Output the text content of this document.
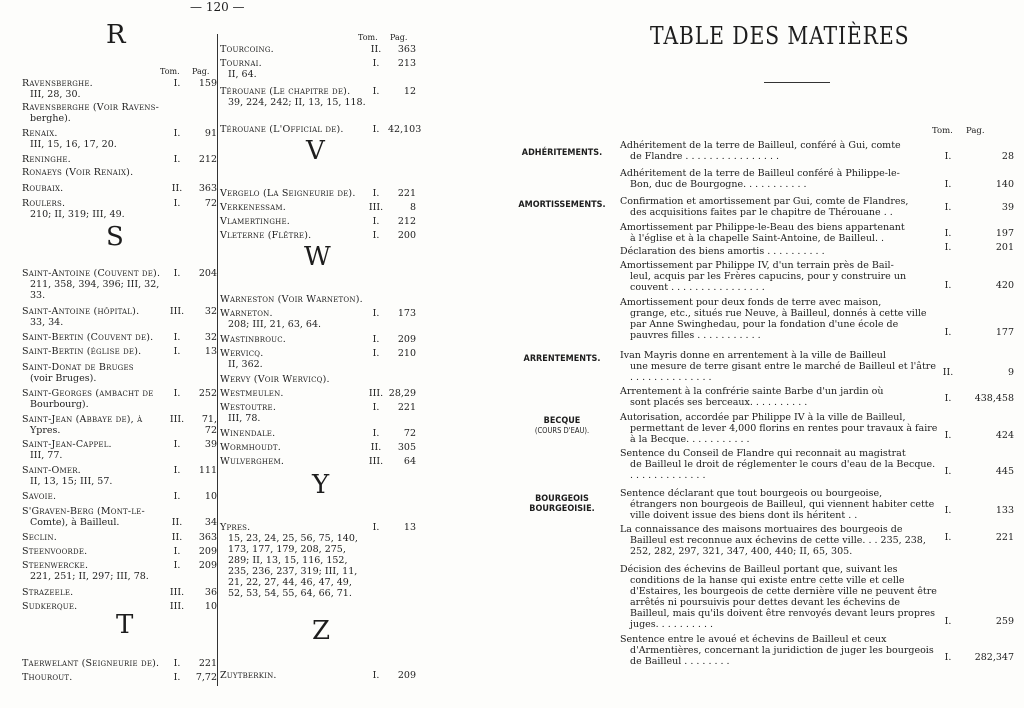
— 120 —
R
Tom. Pag.
Ravensberghe.
III, 28, 30.
I.	159
Ravensberghe (Voir Ravens-
berghe).
Renaix.
III, 15, 16, 17, 20.
I.	91
Reninghe.	I.	212
Ronaeys (Voir Renaix).
Roubaix.	II.	363
Roulers.
210; II, 319; III, 49.
I.	72
S
Saint-Antoine (Couvent de).
211, 358, 394, 396; III, 32, 33.
I.	204
Saint-Antoine (hôpital).
33, 34.
III.	32
Saint-Bertin (Couvent de).	I.	32
Saint-Bertin (église de).	I.	13
Saint-Donat de Bruges
(voir Bruges).
Saint-Georges (ambacht de
Bourbourg).
I.	252
Saint-Jean (Abbaye de), à
Ypres.
III.	71, 72
Saint-Jean-Cappel.
III, 77.
I.	39
Saint-Omer.
II, 13, 15; III, 57.
I.	111
Savoie.	I.	10
S'Graven-Berg (Mont-le-
Comte), à Bailleul.	II.	34
Seclin.	II.	363
Steenvoorde.	I.	209
Steenwercke.
221, 251; II, 297; III, 78.
I.	209
Strazeele.	III.	36
Sudkerque.	III.	10
T
Taerwelant (Seigneurie de).	I.	221
Thourout.	I.	7,72
Tom. Pag.
Tourcoing.	II.	363
Tournai.
II, 64.
I.	213
Térouane (Le chapitre de).
39, 224, 242; II, 13, 15, 118.
I.	12
Térouane (L'Official de).	I. 42,103
V
Vergelo (La Seigneurie de).	I.	221
Verkenessam.	III.	8
Vlamertinghe.	I.	212
Vleterne (Flêtre).	I.	200
W
Warneston (Voir Warneton).
Warneton.
208; III, 21, 63, 64.
I.	173
Wastinbrouc.	I.	209
Wervicq.
II, 362.
I.	210
Wervy (Voir Wervicq).
Westmeulen.	III. 28,29
Westoutre.
III, 78.
I.	221
Winendale.	I.	72
Wormhoudt.	II.	305
Wulverghem.	III.	64
Y
Ypres.
15, 23, 24, 25, 56, 75, 140, 173, 177, 179, 208, 275, 289; II, 13, 15, 116, 152, 235, 236, 237, 319; III, 11, 21, 22, 27, 44, 46, 47, 49, 52, 53, 54, 55, 64, 66, 71.
I.	13
Z
Zuytberkin.	I.	209
TABLE DES MATIÈRES
Tom. Pag.
ADHÉRITEMENTS.
Adhéritement de la terre de Bailleul, conféré à Gui, comte
de Flandre . . . . . . . . . . . . . . . .	I.	28
Adhéritement de la terre de Bailleul conféré à Philippe-le-
Bon, duc de Bourgogne. . . . . . . . . . .	I.	140
AMORTISSEMENTS.	Confirmation et amortissement par Gui, comte de Flandres,
des acquisitions faites par le chapitre de Thérouane . .	I.	39
Amortissement par Philippe-le-Beau des biens appartenant
à l'église et à la chapelle Saint-Antoine, de Bailleul. .	I.	197
Déclaration des biens amortis . . . . . . . . . .	I.	201
Amortissement par Philippe IV, d'un terrain près de Bail-
leul, acquis par les Frères capucins, pour y construire un couvent . . . . . . . . . . . . . . . .	I.	420
Amortissement pour deux fonds de terre avec maison,
grange, etc., situés rue Neuve, à Bailleul, donnés à cette ville par Anne Swinghedau, pour la fondation d'une école de pauvres filles . . . . . . . . . . .	I.	177
ARRENTEMENTS.	Ivan Mayris donne en arrentement à la ville de Bailleul
une mesure de terre gisant entre le marché de Bailleul et l'âtre . . . . . . . . . . . . . .	II.	9
Arrentement à la confrérie sainte Barbe d'un jardin où
sont placés ses berceaux. . . . . . . . . .	I.	438,458
BECQUE
(COURS D'EAU).
Autorisation, accordée par Philippe IV à la ville de Bailleul,
permettant de lever 4,000 florins en rentes pour travaux à faire à la Becque. . . . . . . . . . .	I.	424
Sentence du Conseil de Flandre qui reconnait au magistrat
de Bailleul le droit de réglementer le cours d'eau de la Becque. . . . . . . . . . . . . .	I.	445
BOURGEOIS
BOURGEOISIE.
Sentence déclarant que tout bourgeois ou bourgeoise,
étrangers non bourgeois de Bailleul, qui viennent habiter cette ville doivent issue des biens dont ils héritent . .	I.	133
La connaissance des maisons mortuaires des bourgeois de
Bailleul est reconnue aux échevins de cette ville. . . 235, 238, 252, 282, 297, 321, 347, 400, 440; II, 65, 305.
I.	221
Décision des échevins de Bailleul portant que, suivant les
conditions de la hanse qui existe entre cette ville et celle d'Estaires, les bourgeois de cette dernière ville ne peuvent être arrêtés ni poursuivis pour dettes devant les échevins de Bailleul, mais qu'ils doivent être renvoyés devant leurs propres juges. . . . . . . . . .	I.	259
Sentence entre le avoué et échevins de Bailleul et ceux
d'Armentières, concernant la juridiction de juger les bourgeois de Bailleul . . . . . . . .	I.	282,347
